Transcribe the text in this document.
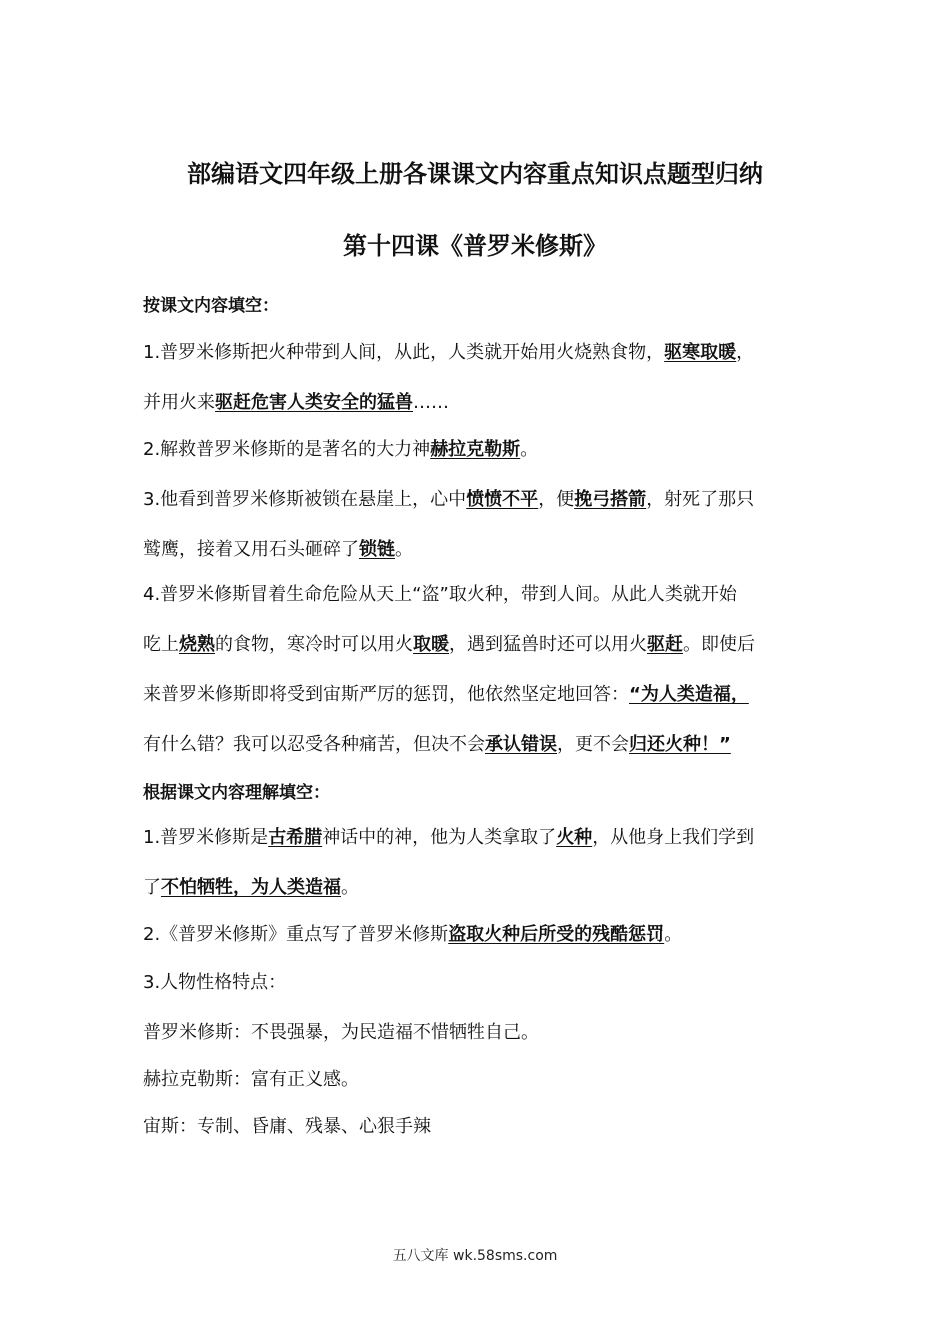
部编语文四年级上册各课课文内容重点知识点题型归纳
第十四课《普罗米修斯》
按课文内容填空：
1.普罗米修斯把火种带到人间，从此，人类就开始用火烧熟食物，驱寒取暖，
并用火来驱赶危害人类安全的猛兽……
2.解救普罗米修斯的是著名的大力神赫拉克勒斯。
3.他看到普罗米修斯被锁在悬崖上，心中愤愤不平，便挽弓搭箭，射死了那只
鹫鹰，接着又用石头砸碎了锁链。
4.普罗米修斯冒着生命危险从天上“盗”取火种，带到人间。从此人类就开始
吃上烧熟的食物，寒冷时可以用火取暖，遇到猛兽时还可以用火驱赶。即使后
来普罗米修斯即将受到宙斯严厉的惩罚，他依然坚定地回答：“为人类造福，
有什么错？我可以忍受各种痛苦，但决不会承认错误，更不会归还火种！”
根据课文内容理解填空：
1.普罗米修斯是古希腊神话中的神，他为人类拿取了火种，从他身上我们学到
了不怕牺牲，为人类造福。
2.《普罗米修斯》重点写了普罗米修斯盗取火种后所受的残酷惩罚。
3.人物性格特点：
普罗米修斯：不畏强暴，为民造福不惜牺牲自己。
赫拉克勒斯：富有正义感。
宙斯：专制、昏庸、残暴、心狠手辣
五八文库 wk.58sms.com
